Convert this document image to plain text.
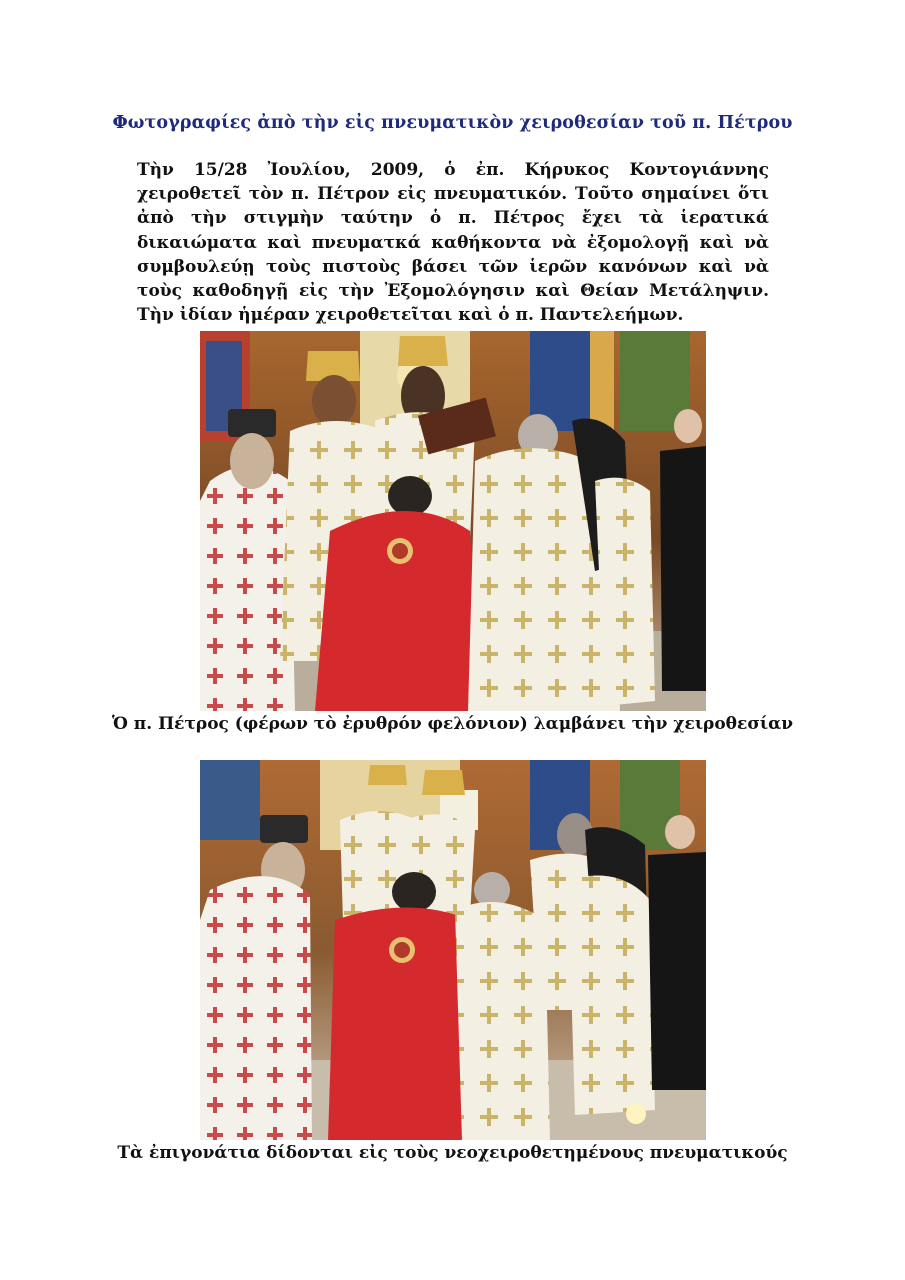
Φωτογραφίες ἀπὸ τὴν εἰς πνευματικὸν χειροθεσίαν τοῦ π. Πέτρου
Τὴν 15/28 Ἰουλίου, 2009, ὁ ἐπ. Κήρυκος Κοντογιάννης χειροθετεῖ τὸν π. Πέτρον εἰς πνευματικόν. Τοῦτο σημαίνει ὅτι ἀπὸ τὴν στιγμὴν ταύτην ὁ π. Πέτρος ἔχει τὰ ἱερατικά δικαιώματα καὶ πνευματκά καθήκοντα νὰ ἐξομολογῇ καὶ νὰ συμβουλεύῃ τοὺς πιστοὺς βάσει τῶν ἱερῶν κανόνων καὶ νὰ τοὺς καθοδηγῇ εἰς τὴν Ἐξομολόγησιν καὶ Θείαν Μετάληψιν. Τὴν ἰδίαν ἡμέραν χειροθετεῖται καὶ ὁ π. Παντελεήμων.
Ὁ π. Πέτρος (φέρων τὸ ἐρυθρόν φελόνιον) λαμβάνει τὴν χειροθεσίαν
Τὰ ἐπιγονάτια δίδονται εἰς τοὺς νεοχειροθετημένους πνευματικούς
